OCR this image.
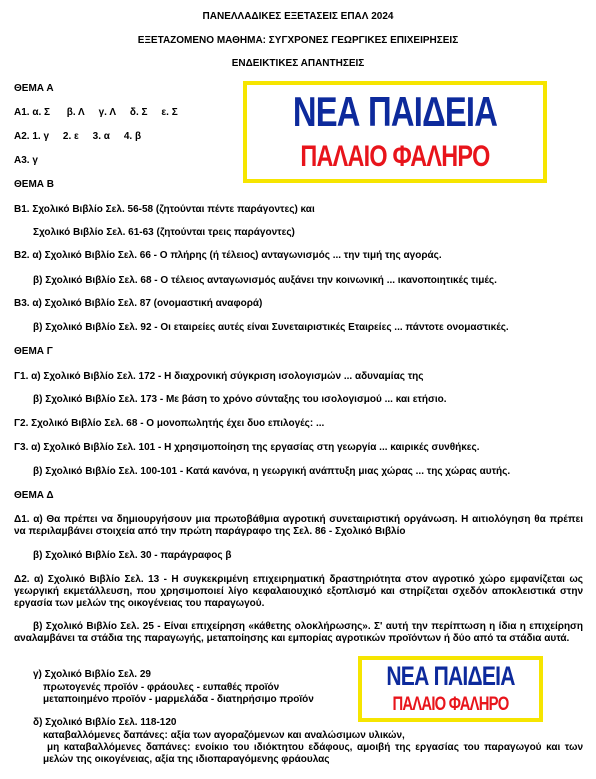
ΠΑΝΕΛΛΑΔΙΚΕΣ ΕΞΕΤΑΣΕΙΣ ΕΠΑΛ 2024
ΕΞΕΤΑΖΟΜΕΝΟ ΜΑΘΗΜΑ: ΣΥΓΧΡΟΝΕΣ ΓΕΩΡΓΙΚΕΣ ΕΠΙΧΕΙΡΗΣΕΙΣ
ΕΝΔΕΙΚΤΙΚΕΣ ΑΠΑΝΤΗΣΕΙΣ
ΝΕΑ ΠΑΙΔΕΙΑ
ΠΑΛΑΙΟ ΦΑΛΗΡΟ
ΘΕΜΑ Α
Α1. α. Σ      β. Λ     γ. Λ     δ. Σ     ε. Σ
Α2. 1. γ     2. ε     3. α     4. β
Α3. γ
ΘΕΜΑ Β
Β1. Σχολικό Βιβλίο Σελ. 56-58 (ζητούνται πέντε παράγοντες) και
Σχολικό Βιβλίο Σελ. 61-63 (ζητούνται τρεις παράγοντες)
Β2. α) Σχολικό Βιβλίο Σελ. 66 - Ο πλήρης (ή τέλειος) ανταγωνισμός ... την τιμή της αγοράς.
β) Σχολικό Βιβλίο Σελ. 68 - Ο τέλειος ανταγωνισμός αυξάνει την κοινωνική ... ικανοποιητικές τιμές.
Β3. α) Σχολικό Βιβλίο Σελ. 87 (ονομαστική αναφορά)
β) Σχολικό Βιβλίο Σελ. 92 - Οι εταιρείες αυτές είναι Συνεταιριστικές Εταιρείες ... πάντοτε ονομαστικές.
ΘΕΜΑ Γ
Γ1. α) Σχολικό Βιβλίο Σελ. 172 - Η διαχρονική σύγκριση ισολογισμών ... αδυναμίας της
β) Σχολικό Βιβλίο Σελ. 173 - Με βάση το χρόνο σύνταξης του ισολογισμού ... και ετήσιο.
Γ2. Σχολικό Βιβλίο Σελ. 68 - Ο μονοπωλητής έχει δυο επιλογές: ...
Γ3. α) Σχολικό Βιβλίο Σελ. 101 - Η χρησιμοποίηση της εργασίας στη γεωργία ... καιρικές συνθήκες.
β) Σχολικό Βιβλίο Σελ. 100-101 - Κατά κανόνα, η γεωργική ανάπτυξη μιας χώρας ... της χώρας αυτής.
ΘΕΜΑ Δ
Δ1. α) Θα πρέπει να δημιουργήσουν μια πρωτοβάθμια αγροτική συνεταιριστική οργάνωση. Η αιτιολόγηση θα πρέπει να περιλαμβάνει στοιχεία από την πρώτη παράγραφο της Σελ. 86 - Σχολικό Βιβλίο
β) Σχολικό Βιβλίο Σελ. 30 - παράγραφος β
Δ2. α) Σχολικό Βιβλίο Σελ. 13 - Η συγκεκριμένη επιχειρηματική δραστηριότητα στον αγροτικό χώρο εμφανίζεται ως γεωργική εκμετάλλευση, που χρησιμοποιεί λίγο κεφαλαιουχικό εξοπλισμό και στηρίζεται σχεδόν αποκλειστικά στην εργασία των μελών της οικογένειας του παραγωγού.
β) Σχολικό Βιβλίο Σελ. 25 - Είναι επιχείρηση «κάθετης ολοκλήρωσης». Σ' αυτή την περίπτωση η ίδια η επιχείρηση αναλαμβάνει τα στάδια της παραγωγής, μεταποίησης και εμπορίας αγροτικών προϊόντων ή δύο από τα στάδια αυτά.
γ) Σχολικό Βιβλίο Σελ. 29
πρωτογενές προϊόν - φράουλες - ευπαθές προϊόν
μεταποιημένο προϊόν - μαρμελάδα - διατηρήσιμο προϊόν
δ) Σχολικό Βιβλίο Σελ. 118-120
καταβαλλόμενες δαπάνες: αξία των αγοραζόμενων και αναλώσιμων υλικών,
μη καταβαλλόμενες δαπάνες: ενοίκιο του ιδιόκτητου εδάφους, αμοιβή της εργασίας του παραγωγού και των μελών της οικογένειας, αξία της ιδιοπαραγόμενης φράουλας
ΝΕΑ ΠΑΙΔΕΙΑ
ΠΑΛΑΙΟ ΦΑΛΗΡΟ
